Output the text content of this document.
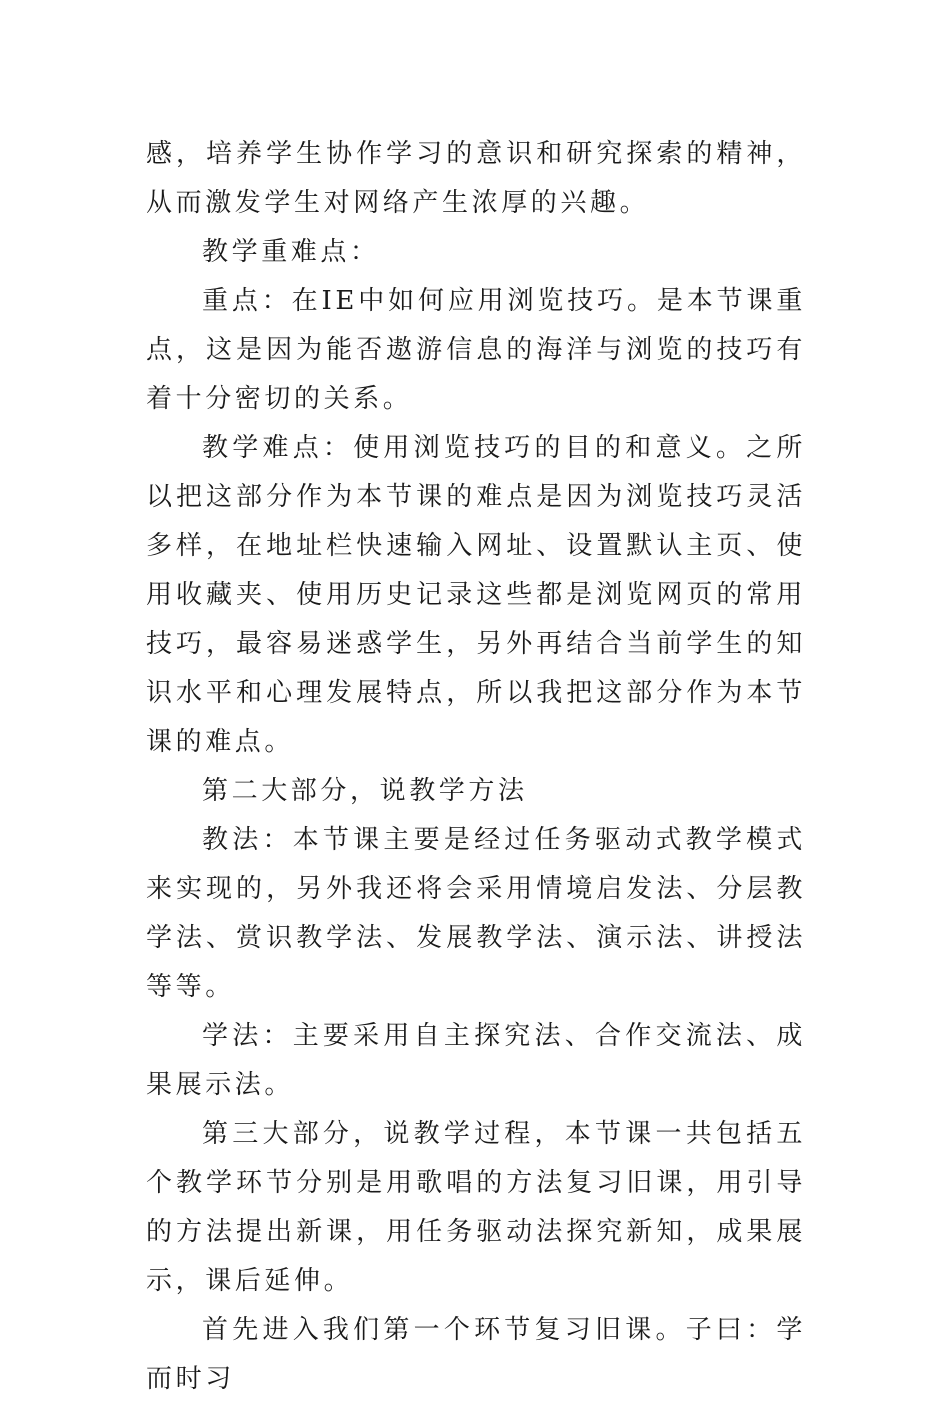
感，培养学生协作学习的意识和研究探索的精神，从而激发学生对网络产生浓厚的兴趣。

教学重难点：

重点：在IE中如何应用浏览技巧。是本节课重点，这是因为能否遨游信息的海洋与浏览的技巧有着十分密切的关系。

教学难点：使用浏览技巧的目的和意义。之所以把这部分作为本节课的难点是因为浏览技巧灵活多样，在地址栏快速输入网址、设置默认主页、使用收藏夹、使用历史记录这些都是浏览网页的常用技巧，最容易迷惑学生，另外再结合当前学生的知识水平和心理发展特点，所以我把这部分作为本节课的难点。

第二大部分，说教学方法

教法：本节课主要是经过任务驱动式教学模式来实现的，另外我还将会采用情境启发法、分层教学法、赏识教学法、发展教学法、演示法、讲授法等等。

学法：主要采用自主探究法、合作交流法、成果展示法。

第三大部分，说教学过程，本节课一共包括五个教学环节分别是用歌唱的方法复习旧课，用引导的方法提出新课，用任务驱动法探究新知，成果展示，课后延伸。

首先进入我们第一个环节复习旧课。子曰：学而时习
